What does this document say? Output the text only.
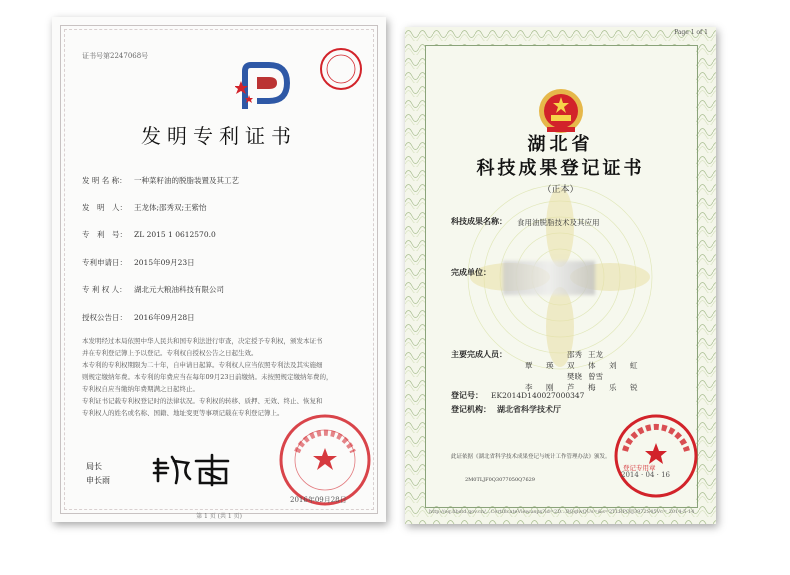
证书号第2247068号
发明专利证书
发 明 名 称： 一种菜籽油的脱脂装置及其工艺
发　明　人： 王龙体;邵秀双;王紫怡
专　利　号： ZL 2015 1 0612570.0
专利申请日： 2015年09月23日
专 利 权 人： 湖北元大粮油科技有限公司
授权公告日： 2016年09月28日

本发明经过本局依照中华人民共和国专利法进行审查，决定授予专利权，颁发本证书

并在专利登记簿上予以登记。专利权自授权公告之日起生效。

本专利的专利权期限为二十年，自申请日起算。专利权人应当依照专利法及其实施细

则规定缴纳年费。本专利的年费应当在每年09月23日前缴纳。未按照规定缴纳年费的，

专利权自应当缴纳年费期满之日起终止。

专利证书记载专利权登记时的法律状况。专利权的转移、质押、无效、终止、恢复和

专利权人的姓名或名称、国籍、地址变更等事项记载在专利登记簿上。

局长
申长雨
2016年09月28日
第 1 页 (共 1 页)
Page 1 of 1
湖北省
科技成果登记证书
（正本）
科技成果名称： 食用油脱脂技术及其应用
完成单位：
主要完成人员：
覃 瑛邵秀双王龙体 刘 虹
李 刚樊晓芦曾雪梅 乐 锐
登记号： EK2014D140027000347
登记机构： 湖北省科学技术厅
此证依据《湖北省科学技术成果登记与统计工作管理办法》颁发。
2M0TLJF0Q3077050Q7629
登记专用章
2014 · 04 · 16
http://oq.hbstd.gov.cn/...CertificateView.aspx?id=2D...BQqlwQUs=&s=2TLRPQIJ3972S45Vc= 2014-5-14
